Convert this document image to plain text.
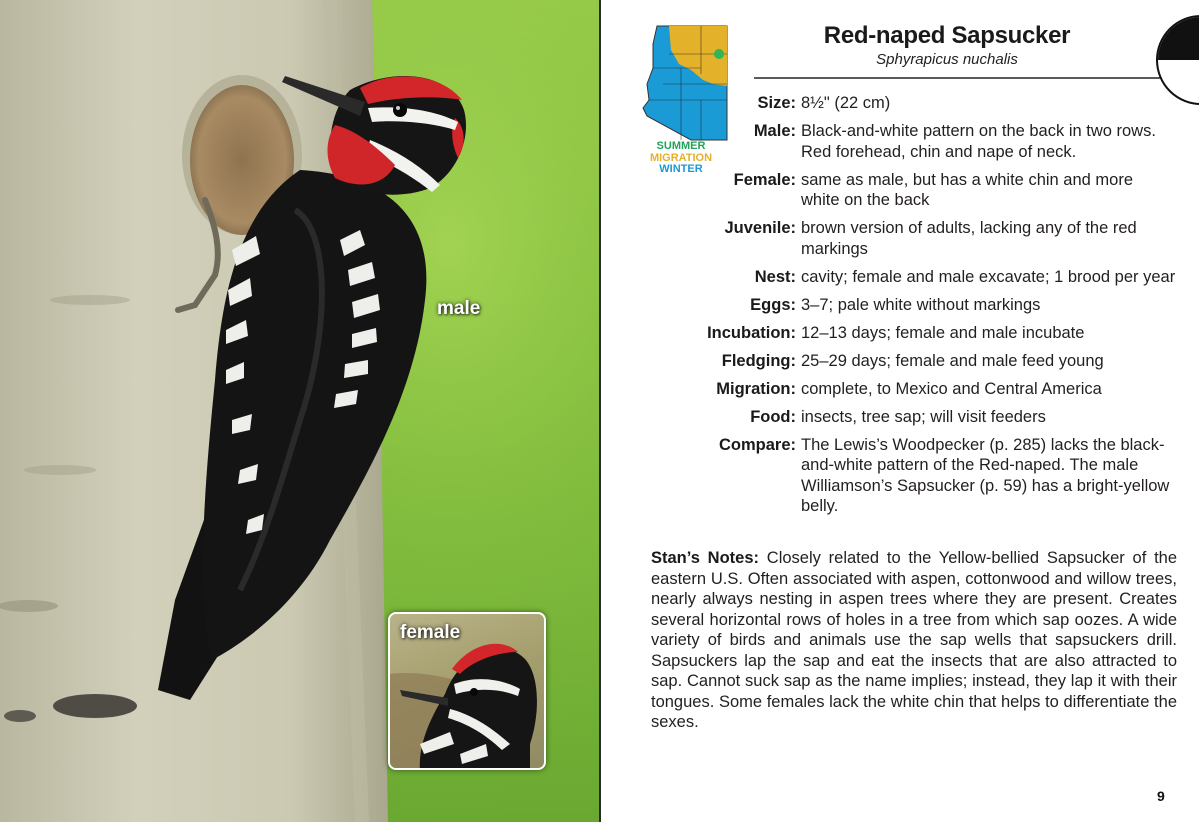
male
female
SUMMER
MIGRATION
WINTER
Red-naped Sapsucker
Sphyrapicus nuchalis
Size: 8½" (22 cm)
Male: Black-and-white pattern on the back in two rows. Red forehead, chin and nape of neck.
Female: same as male, but has a white chin and more white on the back
Juvenile: brown version of adults, lacking any of the red markings
Nest: cavity; female and male excavate; 1 brood per year
Eggs: 3–7; pale white without markings
Incubation: 12–13 days; female and male incubate
Fledging: 25–29 days; female and male feed young
Migration: complete, to Mexico and Central America
Food: insects, tree sap; will visit feeders
Compare: The Lewis’s Woodpecker (p. 285) lacks the black-and-white pattern of the Red-naped. The male Williamson’s Sapsucker (p. 59) has a bright-yellow belly.
Stan’s Notes: Closely related to the Yellow-bellied Sapsucker of the eastern U.S. Often associated with aspen, cottonwood and willow trees, nearly always nesting in aspen trees where they are present. Creates several horizontal rows of holes in a tree from which sap oozes. A wide variety of birds and animals use the sap wells that sapsuckers drill. Sapsuckers lap the sap and eat the insects that are also attracted to sap. Cannot suck sap as the name implies; instead, they lap it with their tongues. Some females lack the white chin that helps to differentiate the sexes.
9
